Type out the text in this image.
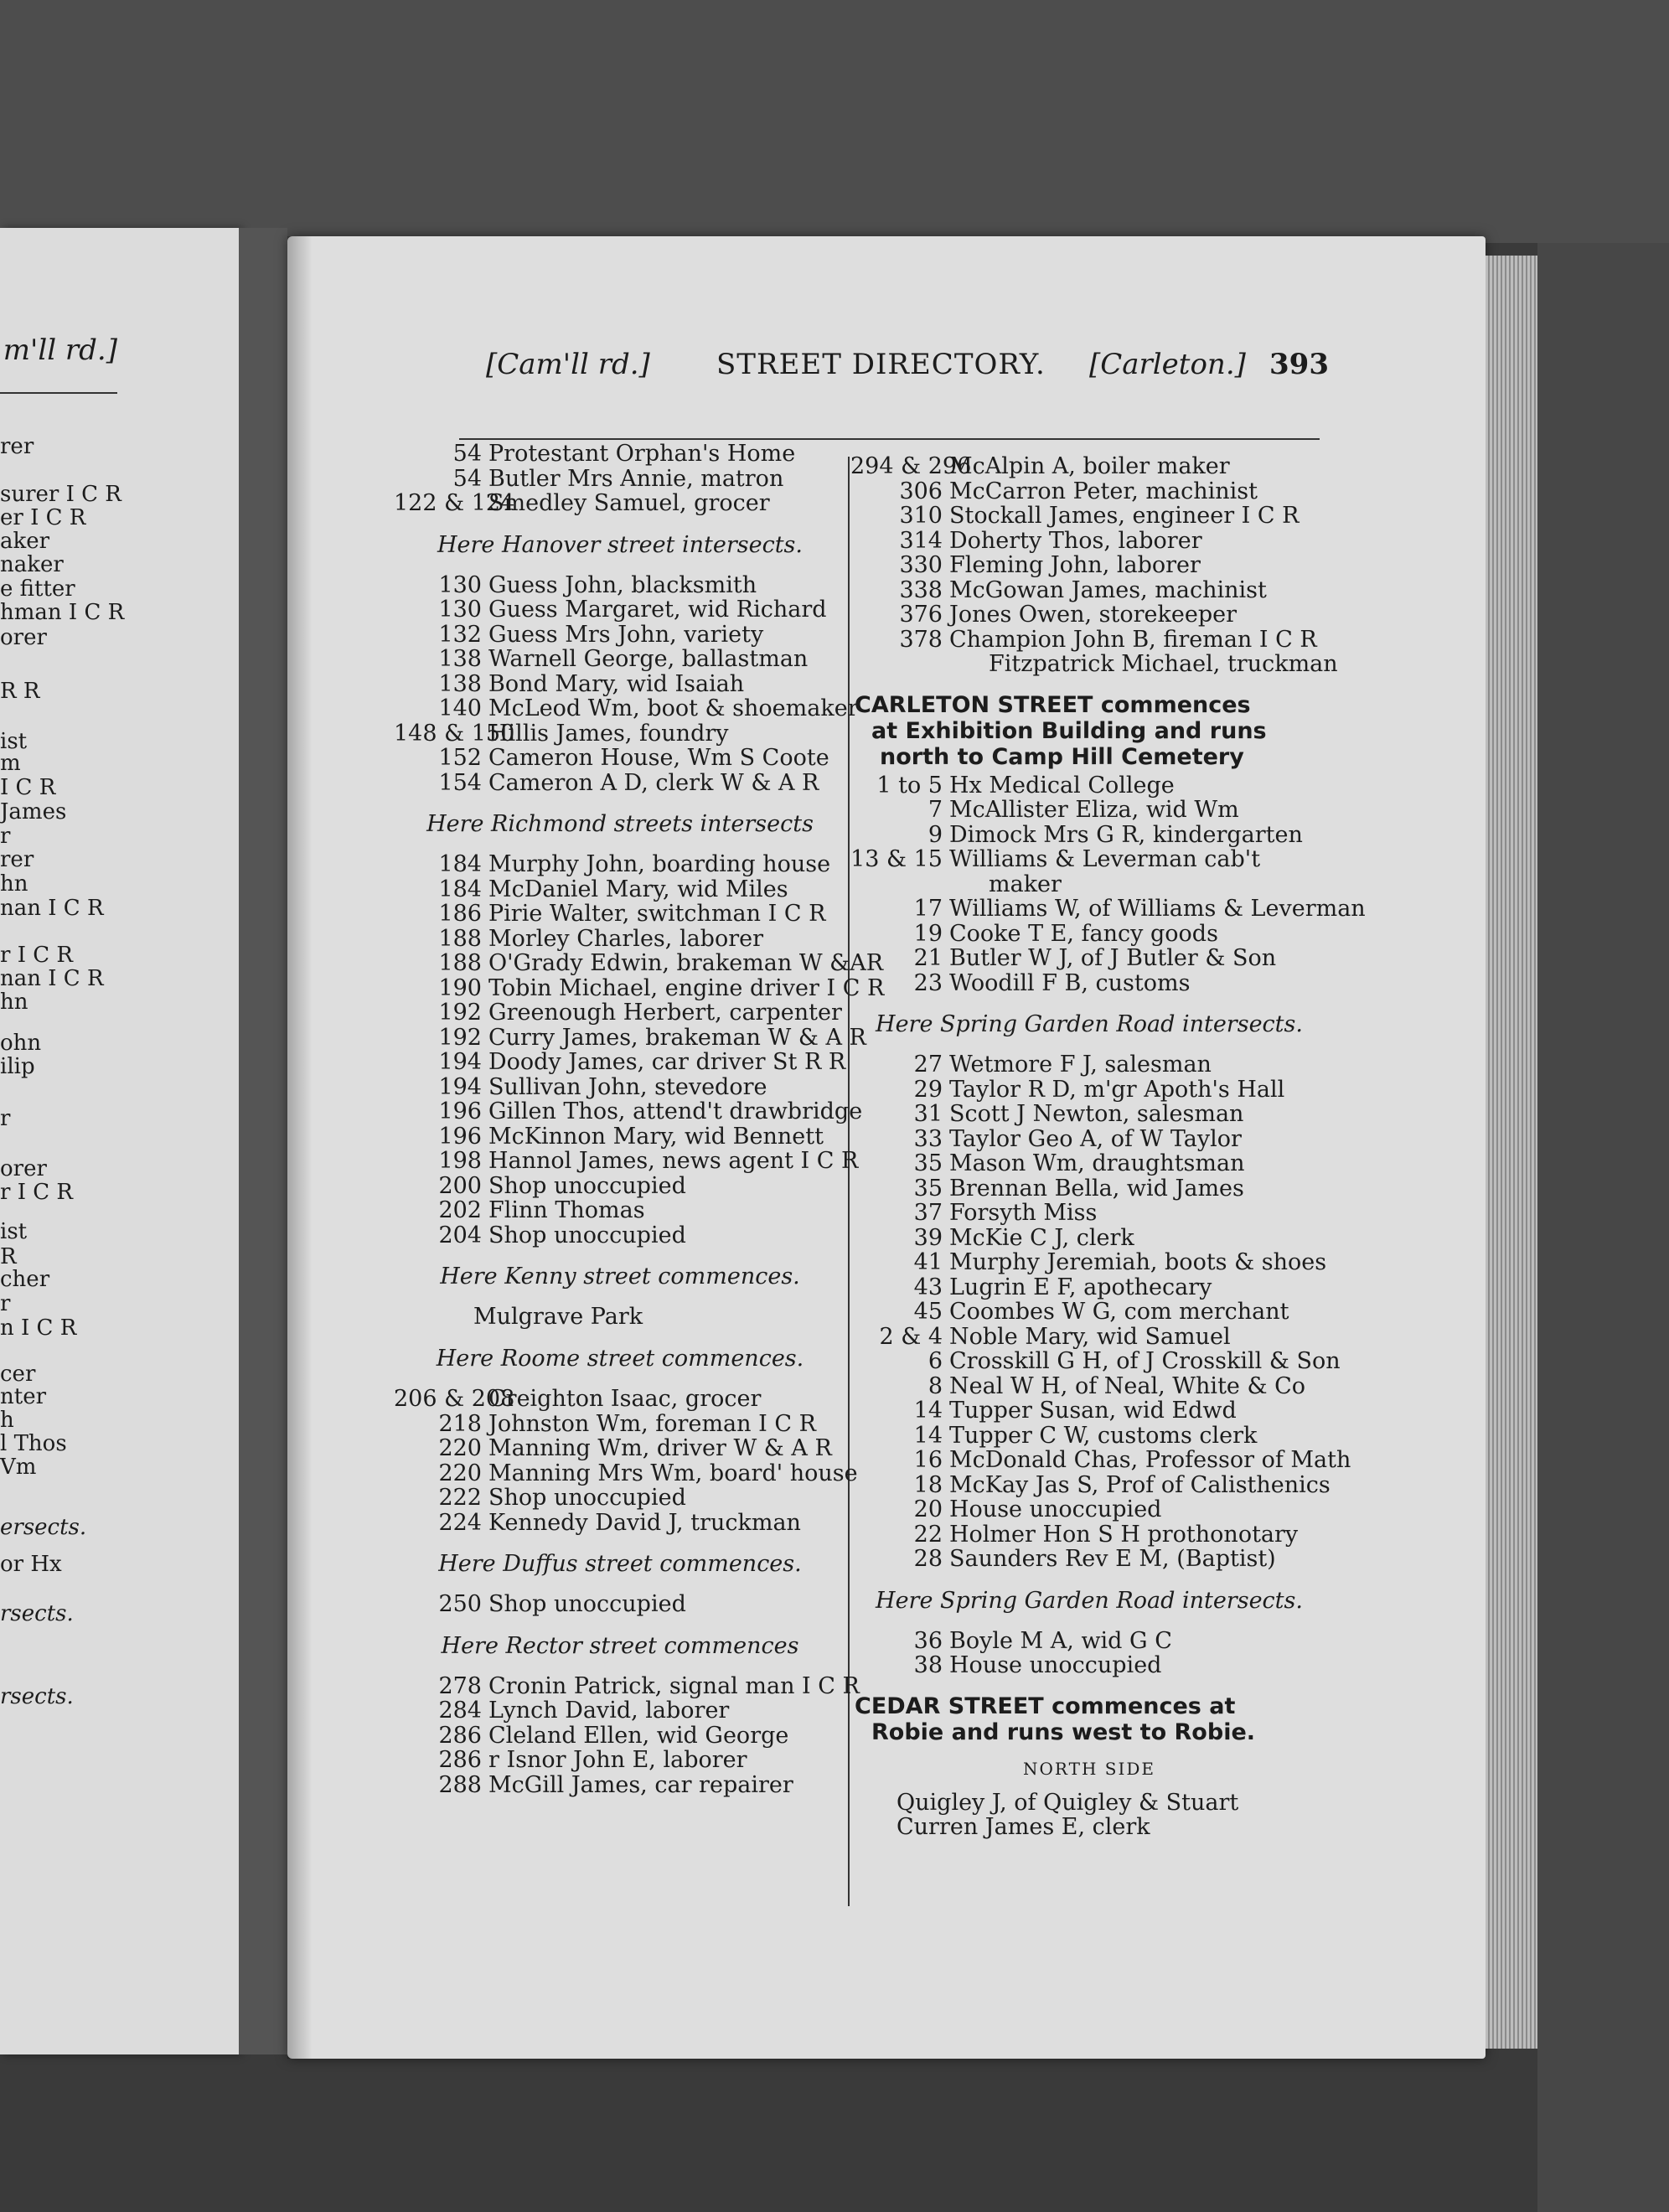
m'll rd.]
rer
surer I C R
er I C R
aker
naker
e fitter
hman I C R
orer
R R
ist
m
I C R
James
r
rer
hn
nan I C R
r I C R
nan I C R
hn
ohn
ilip
r
orer
r I C R
ist
R
cher
r
n I C R
cer
nter
h
l Thos
Vm
ersects.
or Hx
rsects.
rsects.
[Cam'll rd.] STREET DIRECTORY. [Carleton.] 393
54 Protestant Orphan's Home
54 Butler Mrs Annie, matron
122 & 124
Smedley Samuel, grocer
Here Hanover street intersects.
130 Guess John, blacksmith
130 Guess Margaret, wid Richard
132 Guess Mrs John, variety
138 Warnell George, ballastman
138 Bond Mary, wid Isaiah
140 McLeod Wm, boot & shoemaker
148 & 150
Hillis James, foundry
152 Cameron House, Wm S Coote
154 Cameron A D, clerk W & A R
Here Richmond streets intersects
184 Murphy John, boarding house
184 McDaniel Mary, wid Miles
186 Pirie Walter, switchman I C R
188 Morley Charles, laborer
188 O'Grady Edwin, brakeman W &AR
190 Tobin Michael, engine driver I C R
192 Greenough Herbert, carpenter
192 Curry James, brakeman W & A R
194 Doody James, car driver St R R
194 Sullivan John, stevedore
196 Gillen Thos, attend't drawbridge
196 McKinnon Mary, wid Bennett
198 Hannol James, news agent I C R
200 Shop unoccupied
202 Flinn Thomas
204 Shop unoccupied
Here Kenny street commences.
Mulgrave Park
Here Roome street commences.
206 & 208
Creighton Isaac, grocer
218 Johnston Wm, foreman I C R
220 Manning Wm, driver W & A R
220 Manning Mrs Wm, board' house
222 Shop unoccupied
224 Kennedy David J, truckman
Here Duffus street commences.
250 Shop unoccupied
Here Rector street commences
278 Cronin Patrick, signal man I C R
284 Lynch David, laborer
286 Cleland Ellen, wid George
286 r Isnor John E, laborer
288 McGill James, car repairer
294 & 296
McAlpin A, boiler maker
306 McCarron Peter, machinist
310 Stockall James, engineer I C R
314 Doherty Thos, laborer
330 Fleming John, laborer
338 McGowan James, machinist
376 Jones Owen, storekeeper
378 Champion John B, fireman I C R
Fitzpatrick Michael, truckman
CARLETON STREET commences
at Exhibition Building and runs
north to Camp Hill Cemetery
1 to 5 Hx Medical College
7 McAllister Eliza, wid Wm
9 Dimock Mrs G R, kindergarten
13 & 15 Williams & Leverman cab't
maker
17 Williams W, of Williams & Leverman
19 Cooke T E, fancy goods
21 Butler W J, of J Butler & Son
23 Woodill F B, customs
Here Spring Garden Road intersects.
27 Wetmore F J, salesman
29 Taylor R D, m'gr Apoth's Hall
31 Scott J Newton, salesman
33 Taylor Geo A, of W Taylor
35 Mason Wm, draughtsman
35 Brennan Bella, wid James
37 Forsyth Miss
39 McKie C J, clerk
41 Murphy Jeremiah, boots & shoes
43 Lugrin E F, apothecary
45 Coombes W G, com merchant
2 & 4 Noble Mary, wid Samuel
6 Crosskill G H, of J Crosskill & Son
8 Neal W H, of Neal, White & Co
14 Tupper Susan, wid Edwd
14 Tupper C W, customs clerk
16 McDonald Chas, Professor of Math
18 McKay Jas S, Prof of Calisthenics
20 House unoccupied
22 Holmer Hon S H prothonotary
28 Saunders Rev E M, (Baptist)
Here Spring Garden Road intersects.
36 Boyle M A, wid G C
38 House unoccupied
CEDAR STREET commences at
Robie and runs west to Robie.
NORTH SIDE
Quigley J, of Quigley & Stuart
Curren James E, clerk
